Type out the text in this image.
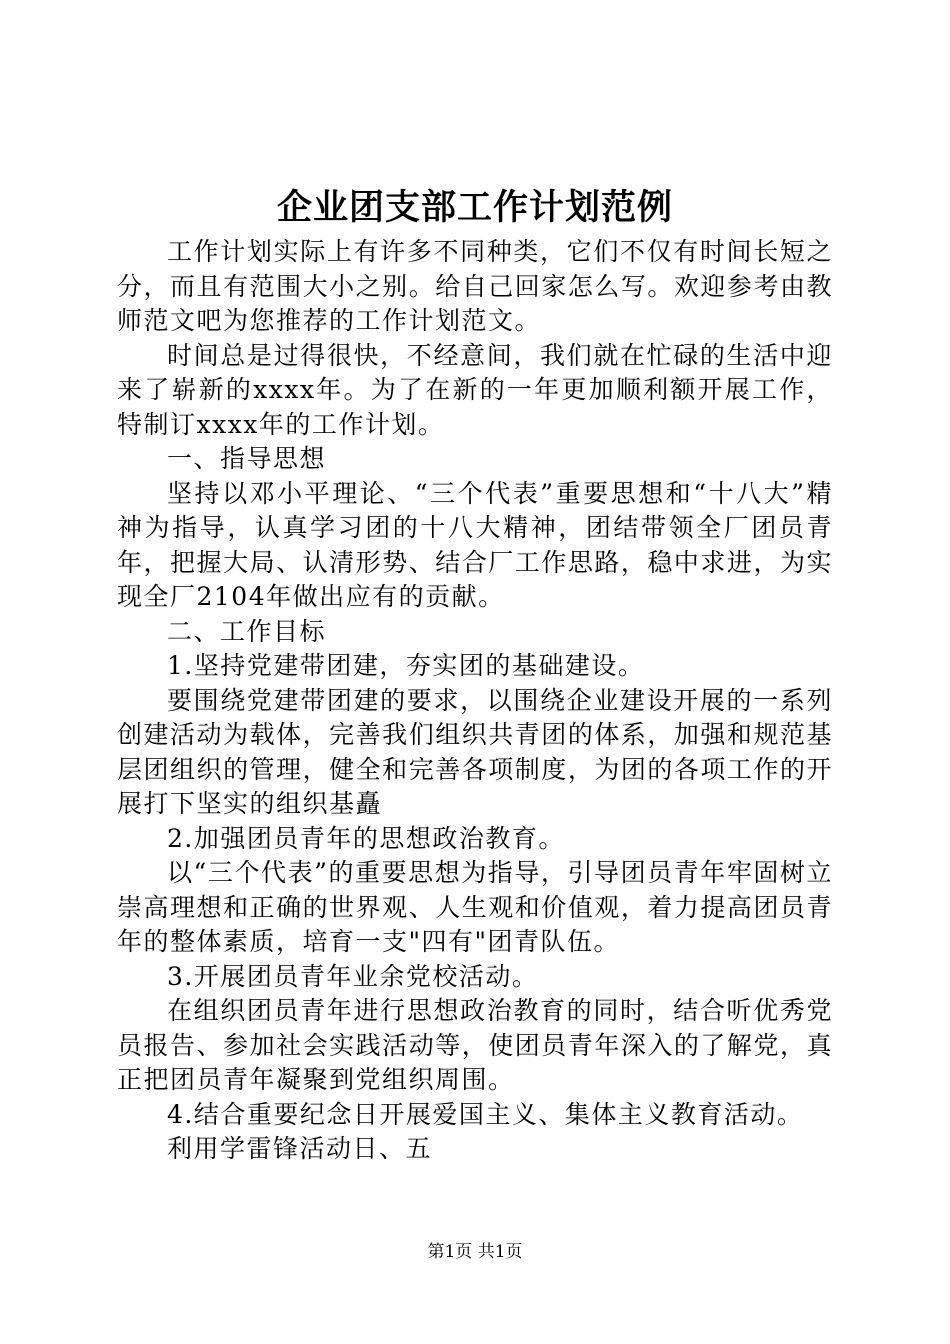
企业团支部工作计划范例

工作计划实际上有许多不同种类，它们不仅有时间长短之分，而且有范围大小之别。给自己回家怎么写。欢迎参考由教师范文吧为您推荐的工作计划范文。

时间总是过得很快，不经意间，我们就在忙碌的生活中迎来了崭新的xxxx年。为了在新的一年更加顺利额开展工作，特制订xxxx年的工作计划。

一、指导思想

坚持以邓小平理论、“三个代表”重要思想和“十八大”精神为指导，认真学习团的十八大精神，团结带领全厂团员青年，把握大局、认清形势、结合厂工作思路，稳中求进，为实现全厂2104年做出应有的贡献。

二、工作目标

1.坚持党建带团建，夯实团的基础建设。

要围绕党建带团建的要求，以围绕企业建设开展的一系列创建活动为载体，完善我们组织共青团的体系，加强和规范基层团组织的管理，健全和完善各项制度，为团的各项工作的开展打下坚实的组织基矗

2.加强团员青年的思想政治教育。

以“三个代表”的重要思想为指导，引导团员青年牢固树立崇高理想和正确的世界观、人生观和价值观，着力提高团员青年的整体素质，培育一支"四有"团青队伍。

3.开展团员青年业余党校活动。

在组织团员青年进行思想政治教育的同时，结合听优秀党员报告、参加社会实践活动等，使团员青年深入的了解党，真正把团员青年凝聚到党组织周围。

4.结合重要纪念日开展爱国主义、集体主义教育活动。

利用学雷锋活动日、五

第1页 共1页
